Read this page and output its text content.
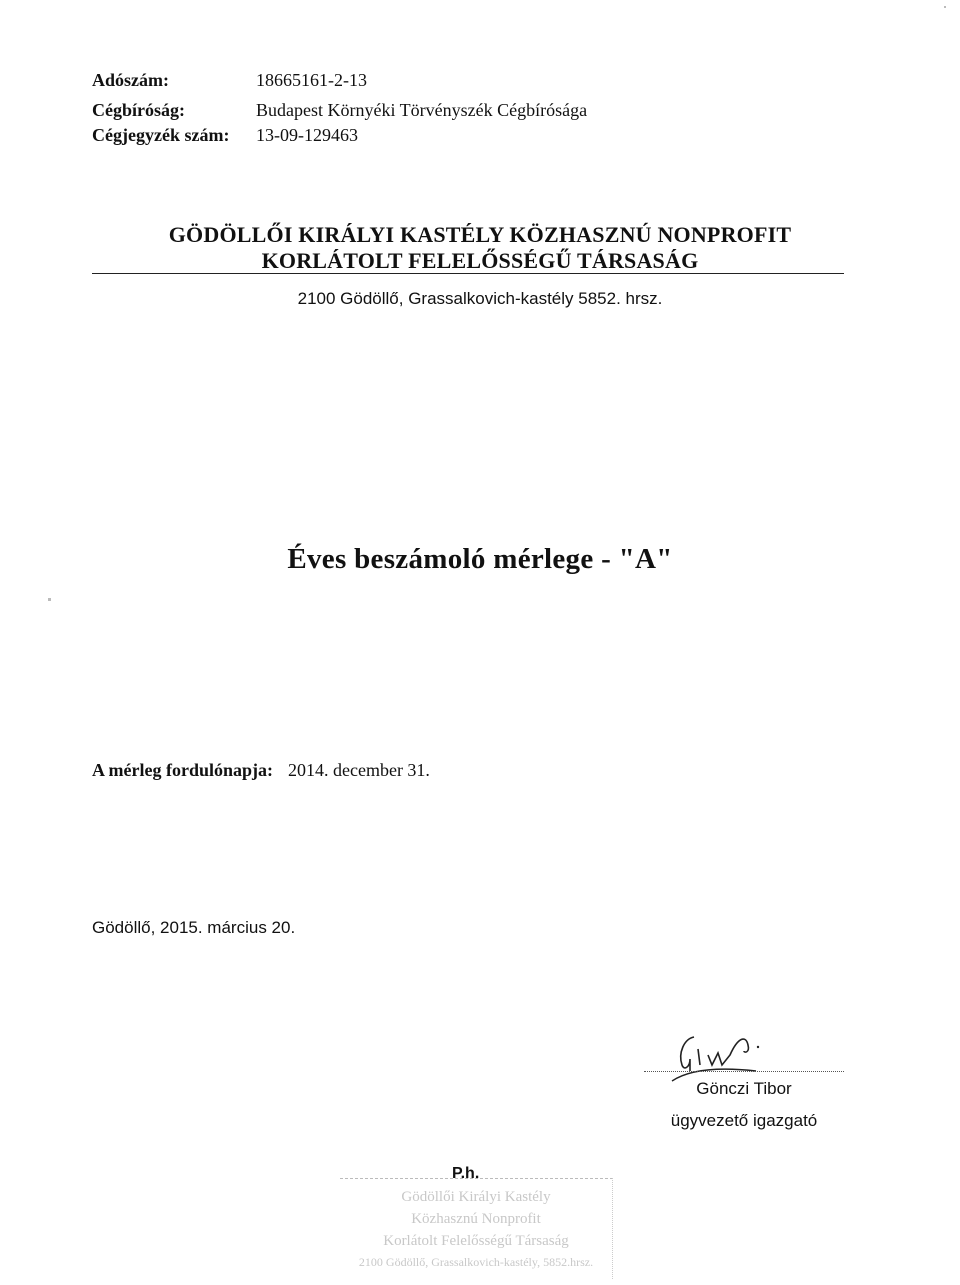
Adószám:	18665161-2-13
Cégbíróság:	Budapest Környéki Törvényszék Cégbírósága
Cégjegyzék szám: 13-09-129463
GÖDÖLLŐI KIRÁLYI KASTÉLY KÖZHASZNÚ NONPROFIT
KORLÁTOLT FELELŐSSÉGŰ TÁRSASÁG
2100 Gödöllő, Grassalkovich-kastély 5852. hrsz.
Éves beszámoló mérlege - "A"
A mérleg fordulónapja: 2014. december 31.
Gödöllő, 2015. március 20.
Gönczi Tibor
ügyvezető igazgató
P.h.
Gödöllői Királyi Kastély
Közhasznú Nonprofit
Korlátolt Felelősségű Társaság
2100 Gödöllő, Grassalkovich-kastély, 5852.hrsz.
